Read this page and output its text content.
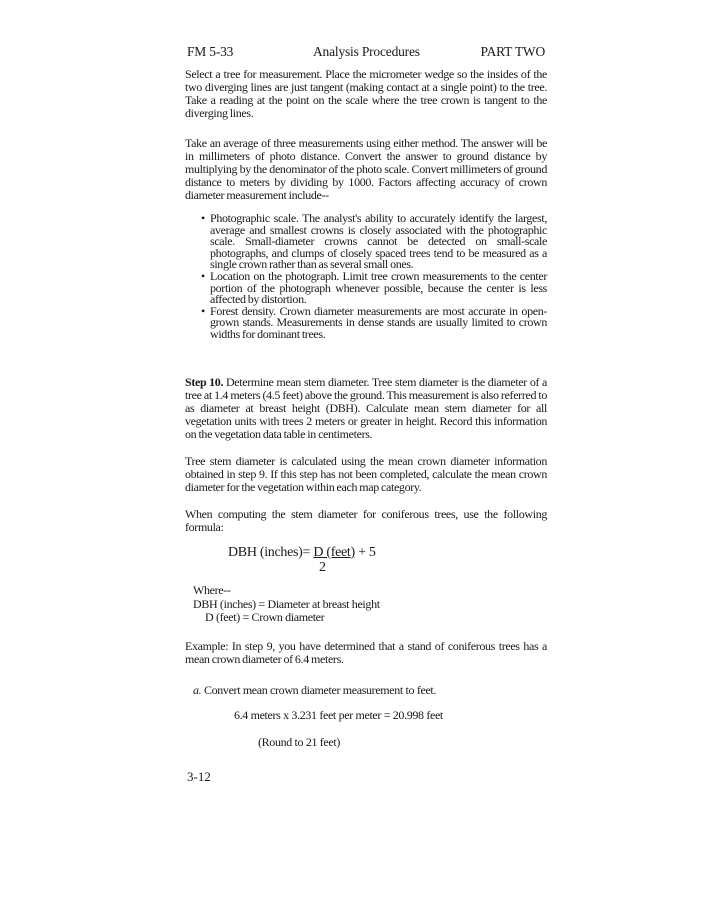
FM 5-33	Analysis Procedures	PART TWO

Select a tree for measurement. Place the micrometer wedge so the insides of the two diverging lines are just tangent (making contact at a single point) to the tree. Take a reading at the point on the scale where the tree crown is tangent to the diverging lines.

Take an average of three measurements using either method. The answer will be in millimeters of photo distance. Convert the answer to ground distance by multiplying by the denominator of the photo scale. Convert millimeters of ground distance to meters by dividing by 1000. Factors affecting accuracy of crown diameter measurement include--

• Photographic scale. The analyst's ability to accurately identify the largest, average and smallest crowns is closely associated with the photographic scale. Small-diameter crowns cannot be detected on small-scale photographs, and clumps of closely spaced trees tend to be measured as a single crown rather than as several small ones.
• Location on the photograph. Limit tree crown measurements to the center portion of the photograph whenever possible, because the center is less affected by distortion.
• Forest density. Crown diameter measurements are most accurate in open-grown stands. Measurements in dense stands are usually limited to crown widths for dominant trees.

Step 10. Determine mean stem diameter. Tree stem diameter is the diameter of a tree at 1.4 meters (4.5 feet) above the ground. This measurement is also referred to as diameter at breast height (DBH). Calculate mean stem diameter for all vegetation units with trees 2 meters or greater in height. Record this information on the vegetation data table in centimeters.

Tree stem diameter is calculated using the mean crown diameter information obtained in step 9. If this step has not been completed, calculate the mean crown diameter for the vegetation within each map category.

When computing the stem diameter for coniferous trees, use the following formula:

DBH (inches)= D (feet) + 5
2
Where--
DBH (inches) = Diameter at breast height
D (feet) = Crown diameter

Example: In step 9, you have determined that a stand of coniferous trees has a mean crown diameter of 6.4 meters.

a. Convert mean crown diameter measurement to feet.
6.4 meters x 3.231 feet per meter = 20.998 feet
(Round to 21 feet)
3-12
